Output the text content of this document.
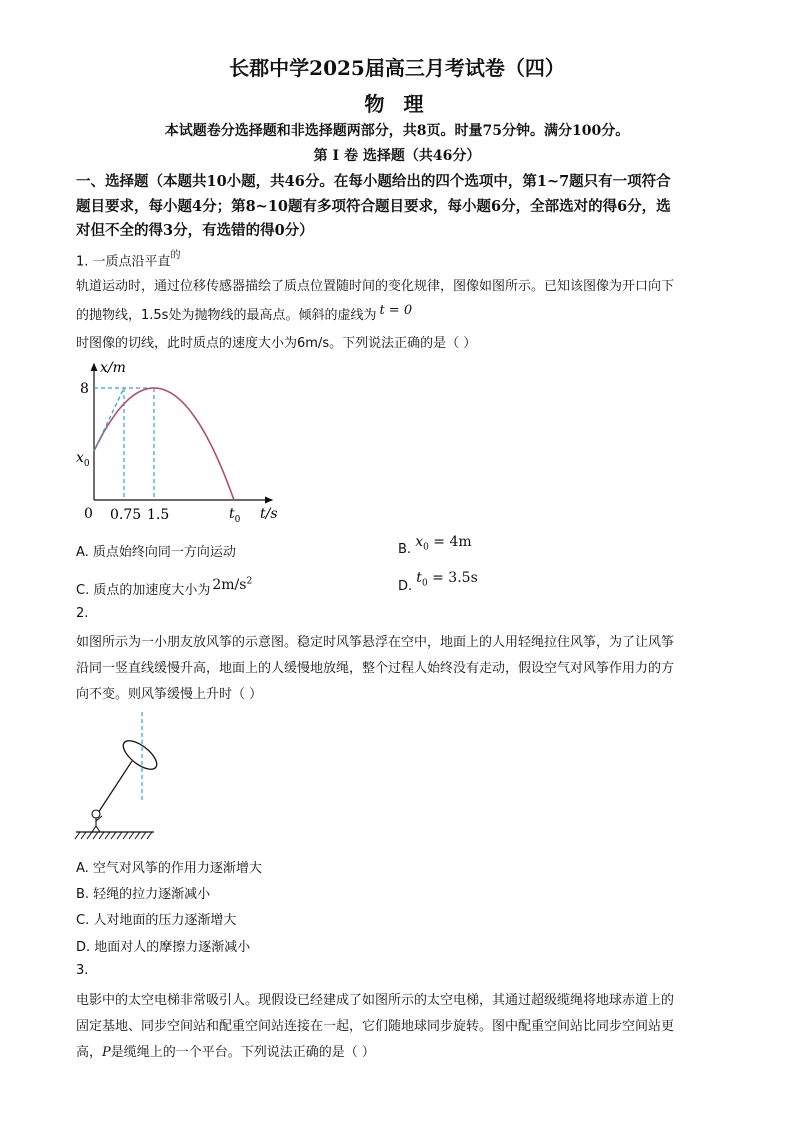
长郡中学2025届高三月考试卷（四）
物 理
本试题卷分选择题和非选择题两部分，共8页。时量75分钟。满分100分。
第 I 卷 选择题（共46分）
一、选择题（本题共10小题，共46分。在每小题给出的四个选项中，第1~7题只有一项符合
题目要求，每小题4分；第8~10题有多项符合题目要求，每小题6分，全部选对的得6分，选
对但不全的得3分，有选错的得0分）
1. 一质点沿平直$^的$
轨道运动时，通过位移传感器描绘了质点位置随时间的变化规律，图像如图所示。已知该图像为开口向下
的抛物线，1.5s处为抛物线的最高点。倾斜的虚线为 t = 0
时图像的切线，此时质点的速度大小为6m/s。下列说法正确的是（ ）
x/m
t/s
8
$x_0$
0 0.75 1.5	$t_0$
A. 质点始终向同一方向运动	B. $x_0 = 4m$
C. 质点的加速度大小为 $2m/s^2$	D. $t_0 = 3.5s$
2.
如图所示为一小朋友放风筝的示意图。稳定时风筝悬浮在空中，地面上的人用轻绳拉住风筝，为了让风筝
沿同一竖直线缓慢升高，地面上的人缓慢地放绳，整个过程人始终没有走动，假设空气对风筝作用力的方
向不变。则风筝缓慢上升时（ ）
A. 空气对风筝的作用力逐渐增大
B. 轻绳的拉力逐渐减小
C. 人对地面的压力逐渐增大
D. 地面对人的摩擦力逐渐减小
3.
电影中的太空电梯非常吸引人。现假设已经建成了如图所示的太空电梯，其通过超级缆绳将地球赤道上的
固定基地、同步空间站和配重空间站连接在一起，它们随地球同步旋转。图中配重空间站比同步空间站更
高，P是缆绳上的一个平台。下列说法正确的是（ ）
